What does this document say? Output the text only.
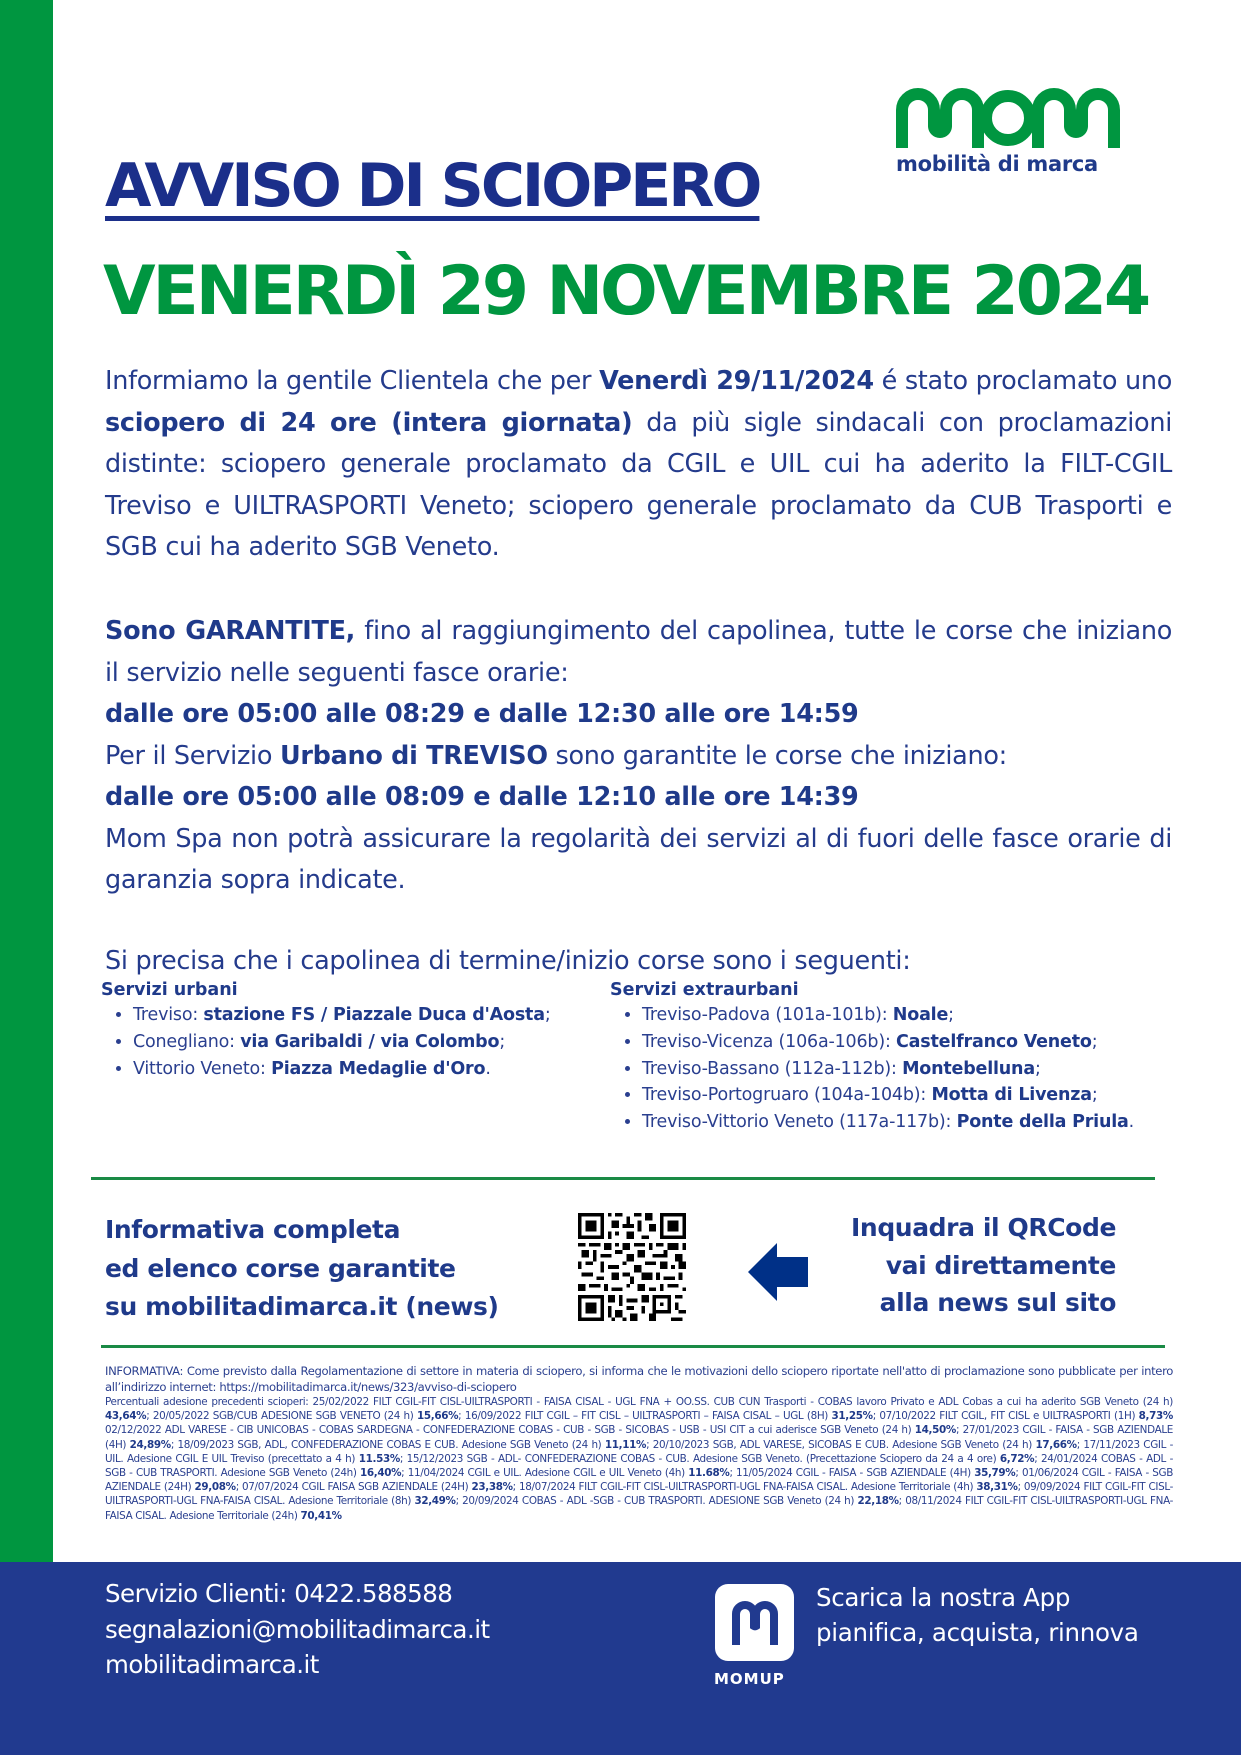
mobilità di marca
AVVISO DI SCIOPERO
VENERDÌ 29 NOVEMBRE 2024
Informiamo la gentile Clientela che per Venerdì 29/11/2024 é stato proclamato uno sciopero di 24 ore (intera giornata) da più sigle sindacali con proclamazioni distinte: sciopero generale proclamato da CGIL e UIL cui ha aderito la FILT-CGIL Treviso e UILTRASPORTI Veneto; sciopero generale proclamato da CUB Trasporti e SGB cui ha aderito SGB Veneto.
Sono GARANTITE, fino al raggiungimento del capolinea, tutte le corse che iniziano il servizio nelle seguenti fasce orarie:
dalle ore 05:00 alle 08:29 e dalle 12:30 alle ore 14:59
Per il Servizio Urbano di TREVISO sono garantite le corse che iniziano:
dalle ore 05:00 alle 08:09 e dalle 12:10 alle ore 14:39
Mom Spa non potrà assicurare la regolarità dei servizi al di fuori delle fasce orarie di garanzia sopra indicate.
Si precisa che i capolinea di termine/inizio corse sono i seguenti:
Servizi urbani
• Treviso: stazione FS / Piazzale Duca d'Aosta;
• Conegliano: via Garibaldi / via Colombo;
• Vittorio Veneto: Piazza Medaglie d'Oro.
Servizi extraurbani
• Treviso-Padova (101a-101b): Noale;
• Treviso-Vicenza (106a-106b): Castelfranco Veneto;
• Treviso-Bassano (112a-112b): Montebelluna;
• Treviso-Portogruaro (104a-104b): Motta di Livenza;
• Treviso-Vittorio Veneto (117a-117b): Ponte della Priula.
Informativa completa
ed elenco corse garantite
su mobilitadimarca.it (news)
Inquadra il QRCode
vai direttamente
alla news sul sito
INFORMATIVA: Come previsto dalla Regolamentazione di settore in materia di sciopero, si informa che le motivazioni dello sciopero riportate nell'atto di proclamazione sono pubblicate per intero all’indirizzo internet: https://mobilitadimarca.it/news/323/avviso-di-sciopero
Percentuali adesione precedenti scioperi: 25/02/2022 FILT CGIL-FIT CISL-UILTRASPORTI - FAISA CISAL - UGL FNA + OO.SS. CUB CUN Trasporti - COBAS lavoro Privato e ADL Cobas a cui ha aderito SGB Veneto (24 h) 43,64%; 20/05/2022 SGB/CUB ADESIONE SGB VENETO (24 h) 15,66%; 16/09/2022 FILT CGIL – FIT CISL – UILTRASPORTI – FAISA CISAL – UGL (8H) 31,25%; 07/10/2022 FILT CGIL, FIT CISL e UILTRASPORTI (1H) 8,73% 02/12/2022 ADL VARESE - CIB UNICOBAS - COBAS SARDEGNA - CONFEDERAZIONE COBAS - CUB - SGB - SICOBAS - USB - USI CIT a cui aderisce SGB Veneto (24 h) 14,50%; 27/01/2023 CGIL - FAISA - SGB AZIENDALE (4H) 24,89%; 18/09/2023 SGB, ADL, CONFEDERAZIONE COBAS E CUB. Adesione SGB Veneto (24 h) 11,11%; 20/10/2023 SGB, ADL VARESE, SICOBAS E CUB. Adesione SGB Veneto (24 h) 17,66%; 17/11/2023 CGIL - UIL. Adesione CGIL E UIL Treviso (precettato a 4 h) 11.53%; 15/12/2023 SGB - ADL- CONFEDERAZIONE COBAS - CUB. Adesione SGB Veneto. (Precettazione Sciopero da 24 a 4 ore) 6,72%; 24/01/2024 COBAS - ADL - SGB - CUB TRASPORTI. Adesione SGB Veneto (24h) 16,40%; 11/04/2024 CGIL e UIL. Adesione CGIL e UIL Veneto (4h) 11.68%; 11/05/2024 CGIL - FAISA - SGB AZIENDALE (4H) 35,79%; 01/06/2024 CGIL - FAISA - SGB AZIENDALE (24H) 29,08%; 07/07/2024 CGIL FAISA SGB AZIENDALE (24H) 23,38%; 18/07/2024 FILT CGIL-FIT CISL-UILTRASPORTI-UGL FNA-FAISA CISAL. Adesione Territoriale (4h) 38,31%; 09/09/2024 FILT CGIL-FIT CISL-UILTRASPORTI-UGL FNA-FAISA CISAL. Adesione Territoriale (8h) 32,49%; 20/09/2024 COBAS - ADL -SGB - CUB TRASPORTI. ADESIONE SGB Veneto (24 h) 22,18%; 08/11/2024 FILT CGIL-FIT CISL-UILTRASPORTI-UGL FNA-FAISA CISAL. Adesione Territoriale (24h) 70,41%
Servizio Clienti: 0422.588588
segnalazioni@mobilitadimarca.it
mobilitadimarca.it	MOMUP
Scarica la nostra App
pianifica, acquista, rinnova
